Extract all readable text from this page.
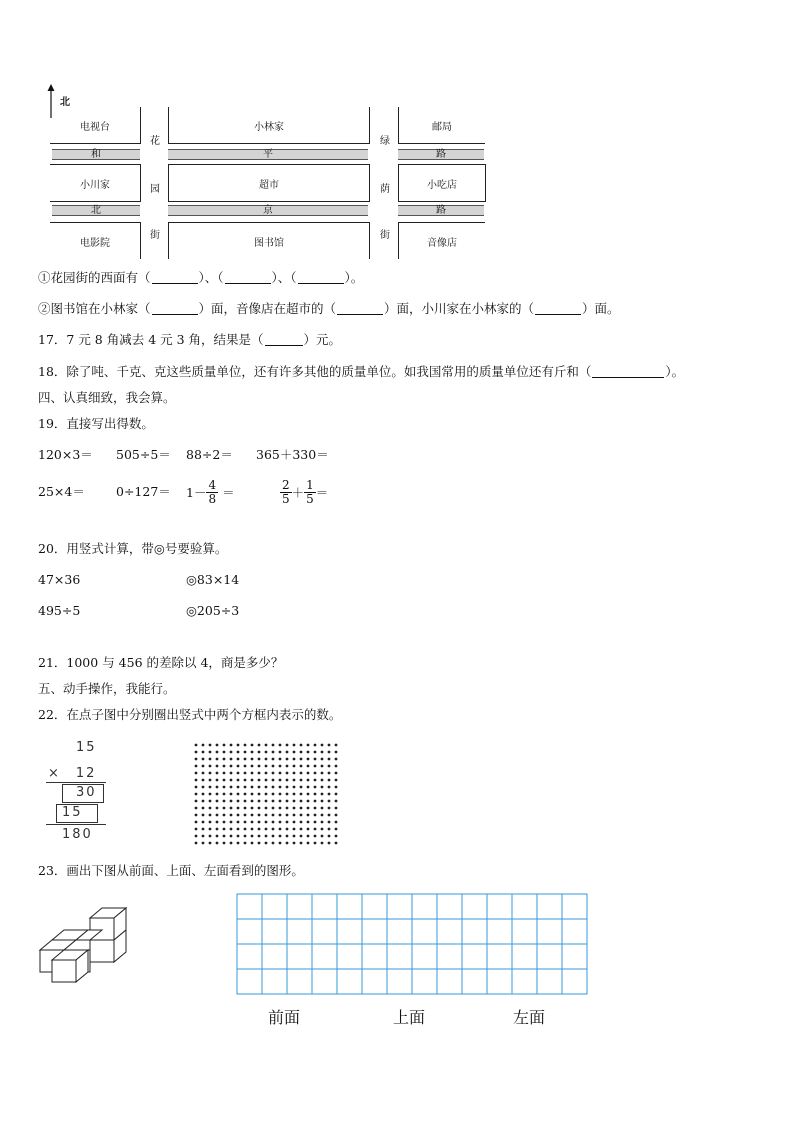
北
电视台	小林家	邮局
小川家	超市	小吃店
电影院	图书馆	音像店
和	平	路
北	京	路
花
园
街
绿
荫
街
①花园街的西面有（	）、（	）、（	）。
②图书馆在小林家（	）面，音像店在超市的（	）面，小川家在小林家的（	）面。
17．7 元 8 角减去 4 元 3 角，结果是（	）元。
18．除了吨、千克、克这些质量单位，还有许多其他的质量单位。如我国常用的质量单位还有斤和（	）。
四、认真细致，我会算。
19．直接写出得数。
120×3＝ 505÷5＝ 88÷2＝ 365＋330＝
$25\times 4= 0\div 127= 1- \frac{4}{8}$ ＝	$\frac{2}{5} + \frac{1}{5}$ ＝
20．用竖式计算，带◎号要验算。
47×36	◎83×14
495÷5	◎205÷3
21．1000 与 456 的差除以 4，商是多少？
五、动手操作，我能行。
22．在点子图中分别圈出竖式中两个方框内表示的数。
15
×　12
30
15
180
23．画出下图从前面、上面、左面看到的图形。
前面	上面	左面
